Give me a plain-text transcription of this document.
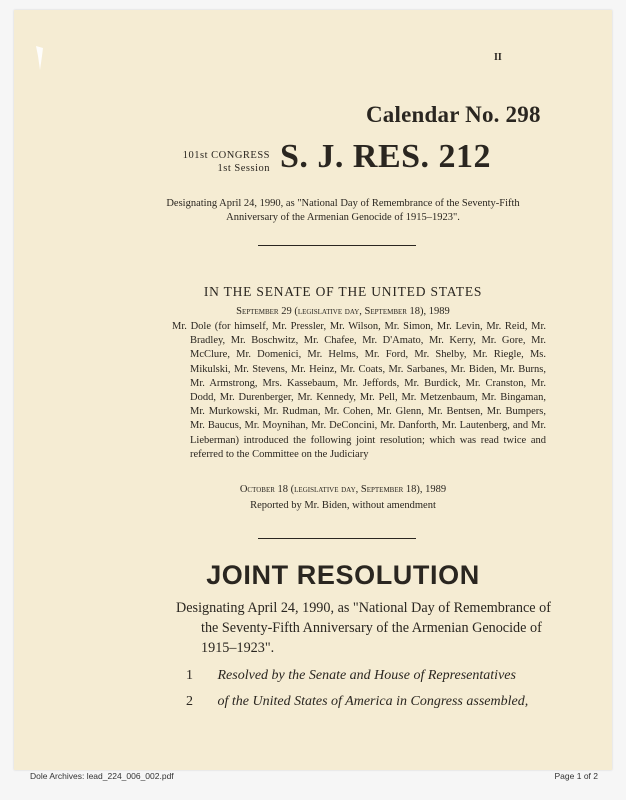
II
Calendar No. 298
101st CONGRESS
1st Session S. J. RES. 212
Designating April 24, 1990, as "National Day of Remembrance of the Seventy-Fifth Anniversary of the Armenian Genocide of 1915–1923".
IN THE SENATE OF THE UNITED STATES
September 29 (legislative day, September 18), 1989
Mr. Dole (for himself, Mr. Pressler, Mr. Wilson, Mr. Simon, Mr. Levin, Mr. Reid, Mr. Bradley, Mr. Boschwitz, Mr. Chafee, Mr. D'Amato, Mr. Kerry, Mr. Gore, Mr. McClure, Mr. Domenici, Mr. Helms, Mr. Ford, Mr. Shelby, Mr. Riegle, Ms. Mikulski, Mr. Stevens, Mr. Heinz, Mr. Coats, Mr. Sarbanes, Mr. Biden, Mr. Burns, Mr. Armstrong, Mrs. Kassebaum, Mr. Jeffords, Mr. Burdick, Mr. Cranston, Mr. Dodd, Mr. Durenberger, Mr. Kennedy, Mr. Pell, Mr. Metzenbaum, Mr. Bingaman, Mr. Murkowski, Mr. Rudman, Mr. Cohen, Mr. Glenn, Mr. Bentsen, Mr. Bumpers, Mr. Baucus, Mr. Moynihan, Mr. DeConcini, Mr. Danforth, Mr. Lautenberg, and Mr. Lieberman) introduced the following joint resolution; which was read twice and referred to the Committee on the Judiciary
October 18 (legislative day, September 18), 1989
Reported by Mr. Biden, without amendment
JOINT RESOLUTION
Designating April 24, 1990, as "National Day of Remembrance of the Seventy-Fifth Anniversary of the Armenian Genocide of 1915–1923".
1 Resolved by the Senate and House of Representatives
2 of the United States of America in Congress assembled,
Dole Archives: lead_224_006_002.pdf	Page 1 of 2
